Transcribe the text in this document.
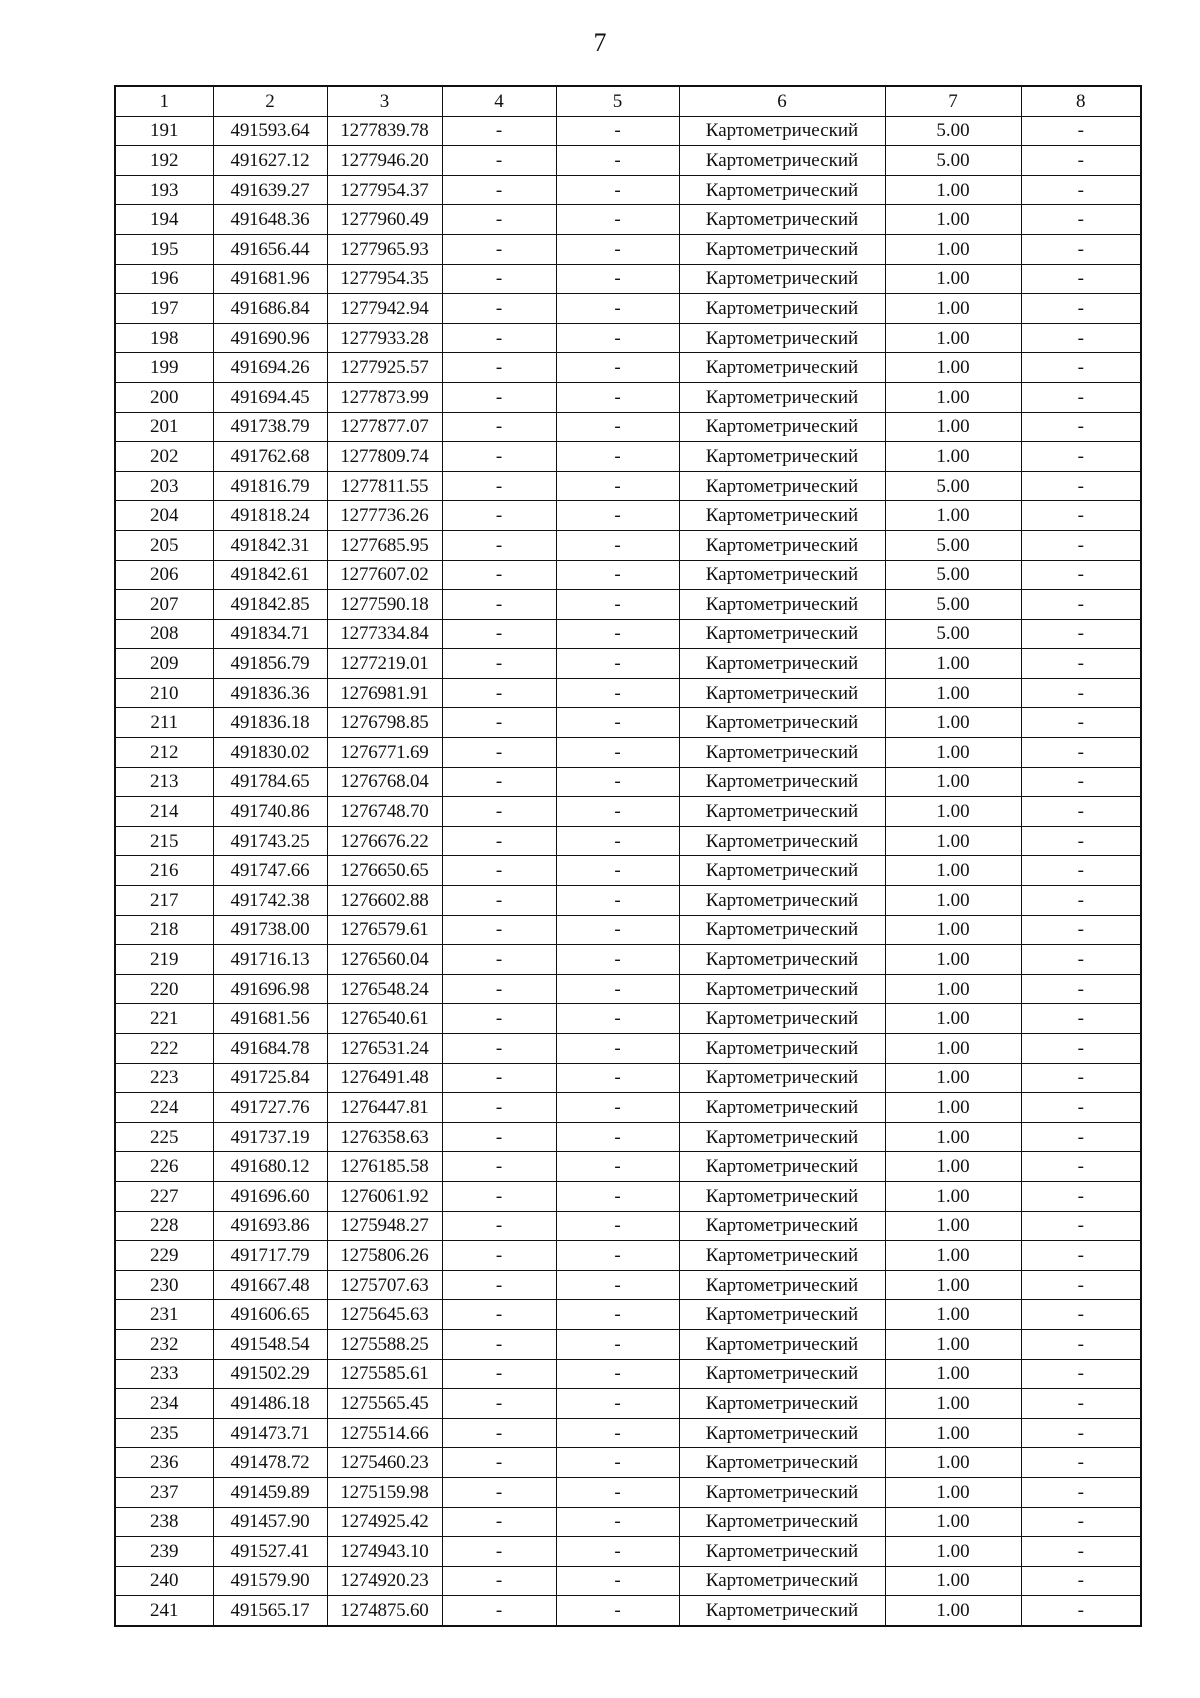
7
1	2	3	4	5	6	7	8
191	491593.64	1277839.78	-	-	Картометрический	5.00	-
192	491627.12	1277946.20	-	-	Картометрический	5.00	-
193	491639.27	1277954.37	-	-	Картометрический	1.00	-
194	491648.36	1277960.49	-	-	Картометрический	1.00	-
195	491656.44	1277965.93	-	-	Картометрический	1.00	-
196	491681.96	1277954.35	-	-	Картометрический	1.00	-
197	491686.84	1277942.94	-	-	Картометрический	1.00	-
198	491690.96	1277933.28	-	-	Картометрический	1.00	-
199	491694.26	1277925.57	-	-	Картометрический	1.00	-
200	491694.45	1277873.99	-	-	Картометрический	1.00	-
201	491738.79	1277877.07	-	-	Картометрический	1.00	-
202	491762.68	1277809.74	-	-	Картометрический	1.00	-
203	491816.79	1277811.55	-	-	Картометрический	5.00	-
204	491818.24	1277736.26	-	-	Картометрический	1.00	-
205	491842.31	1277685.95	-	-	Картометрический	5.00	-
206	491842.61	1277607.02	-	-	Картометрический	5.00	-
207	491842.85	1277590.18	-	-	Картометрический	5.00	-
208	491834.71	1277334.84	-	-	Картометрический	5.00	-
209	491856.79	1277219.01	-	-	Картометрический	1.00	-
210	491836.36	1276981.91	-	-	Картометрический	1.00	-
211	491836.18	1276798.85	-	-	Картометрический	1.00	-
212	491830.02	1276771.69	-	-	Картометрический	1.00	-
213	491784.65	1276768.04	-	-	Картометрический	1.00	-
214	491740.86	1276748.70	-	-	Картометрический	1.00	-
215	491743.25	1276676.22	-	-	Картометрический	1.00	-
216	491747.66	1276650.65	-	-	Картометрический	1.00	-
217	491742.38	1276602.88	-	-	Картометрический	1.00	-
218	491738.00	1276579.61	-	-	Картометрический	1.00	-
219	491716.13	1276560.04	-	-	Картометрический	1.00	-
220	491696.98	1276548.24	-	-	Картометрический	1.00	-
221	491681.56	1276540.61	-	-	Картометрический	1.00	-
222	491684.78	1276531.24	-	-	Картометрический	1.00	-
223	491725.84	1276491.48	-	-	Картометрический	1.00	-
224	491727.76	1276447.81	-	-	Картометрический	1.00	-
225	491737.19	1276358.63	-	-	Картометрический	1.00	-
226	491680.12	1276185.58	-	-	Картометрический	1.00	-
227	491696.60	1276061.92	-	-	Картометрический	1.00	-
228	491693.86	1275948.27	-	-	Картометрический	1.00	-
229	491717.79	1275806.26	-	-	Картометрический	1.00	-
230	491667.48	1275707.63	-	-	Картометрический	1.00	-
231	491606.65	1275645.63	-	-	Картометрический	1.00	-
232	491548.54	1275588.25	-	-	Картометрический	1.00	-
233	491502.29	1275585.61	-	-	Картометрический	1.00	-
234	491486.18	1275565.45	-	-	Картометрический	1.00	-
235	491473.71	1275514.66	-	-	Картометрический	1.00	-
236	491478.72	1275460.23	-	-	Картометрический	1.00	-
237	491459.89	1275159.98	-	-	Картометрический	1.00	-
238	491457.90	1274925.42	-	-	Картометрический	1.00	-
239	491527.41	1274943.10	-	-	Картометрический	1.00	-
240	491579.90	1274920.23	-	-	Картометрический	1.00	-
241	491565.17	1274875.60	-	-	Картометрический	1.00	-
